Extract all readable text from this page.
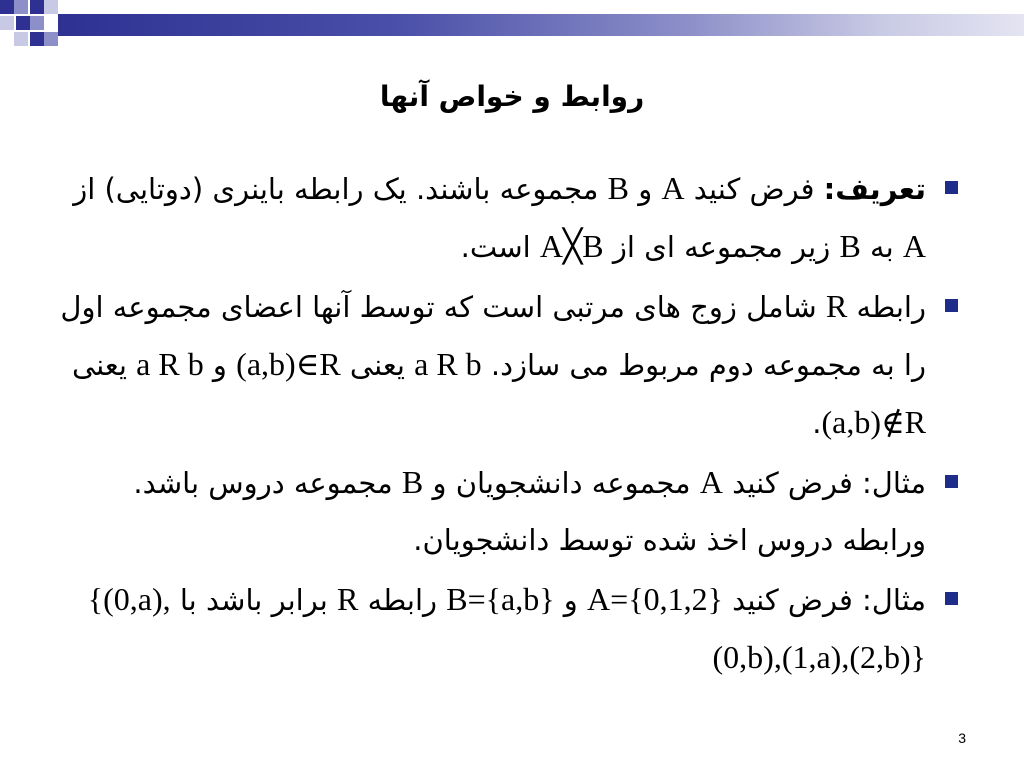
روابط و خواص آنها
تعریف: فرض کنید A و B مجموعه باشند. یک رابطه باینری (دوتایی) از A به B زیر مجموعه ای از A╳B است.
رابطه R شامل زوج های مرتبی است که توسط آنها اعضای مجموعه اول را به مجموعه دوم مربوط می سازد. a R b یعنی (a,b)∈R و a R b یعنی (a,b)∉R.
مثال: فرض کنید A مجموعه دانشجویان و B مجموعه دروس باشد. ورابطه دروس اخذ شده توسط دانشجویان.
مثال: فرض کنید A={0,1,2} و B={a,b} رابطه R برابر باشد با {(0,a),(0,b),(1,a),(2,b)}
3
